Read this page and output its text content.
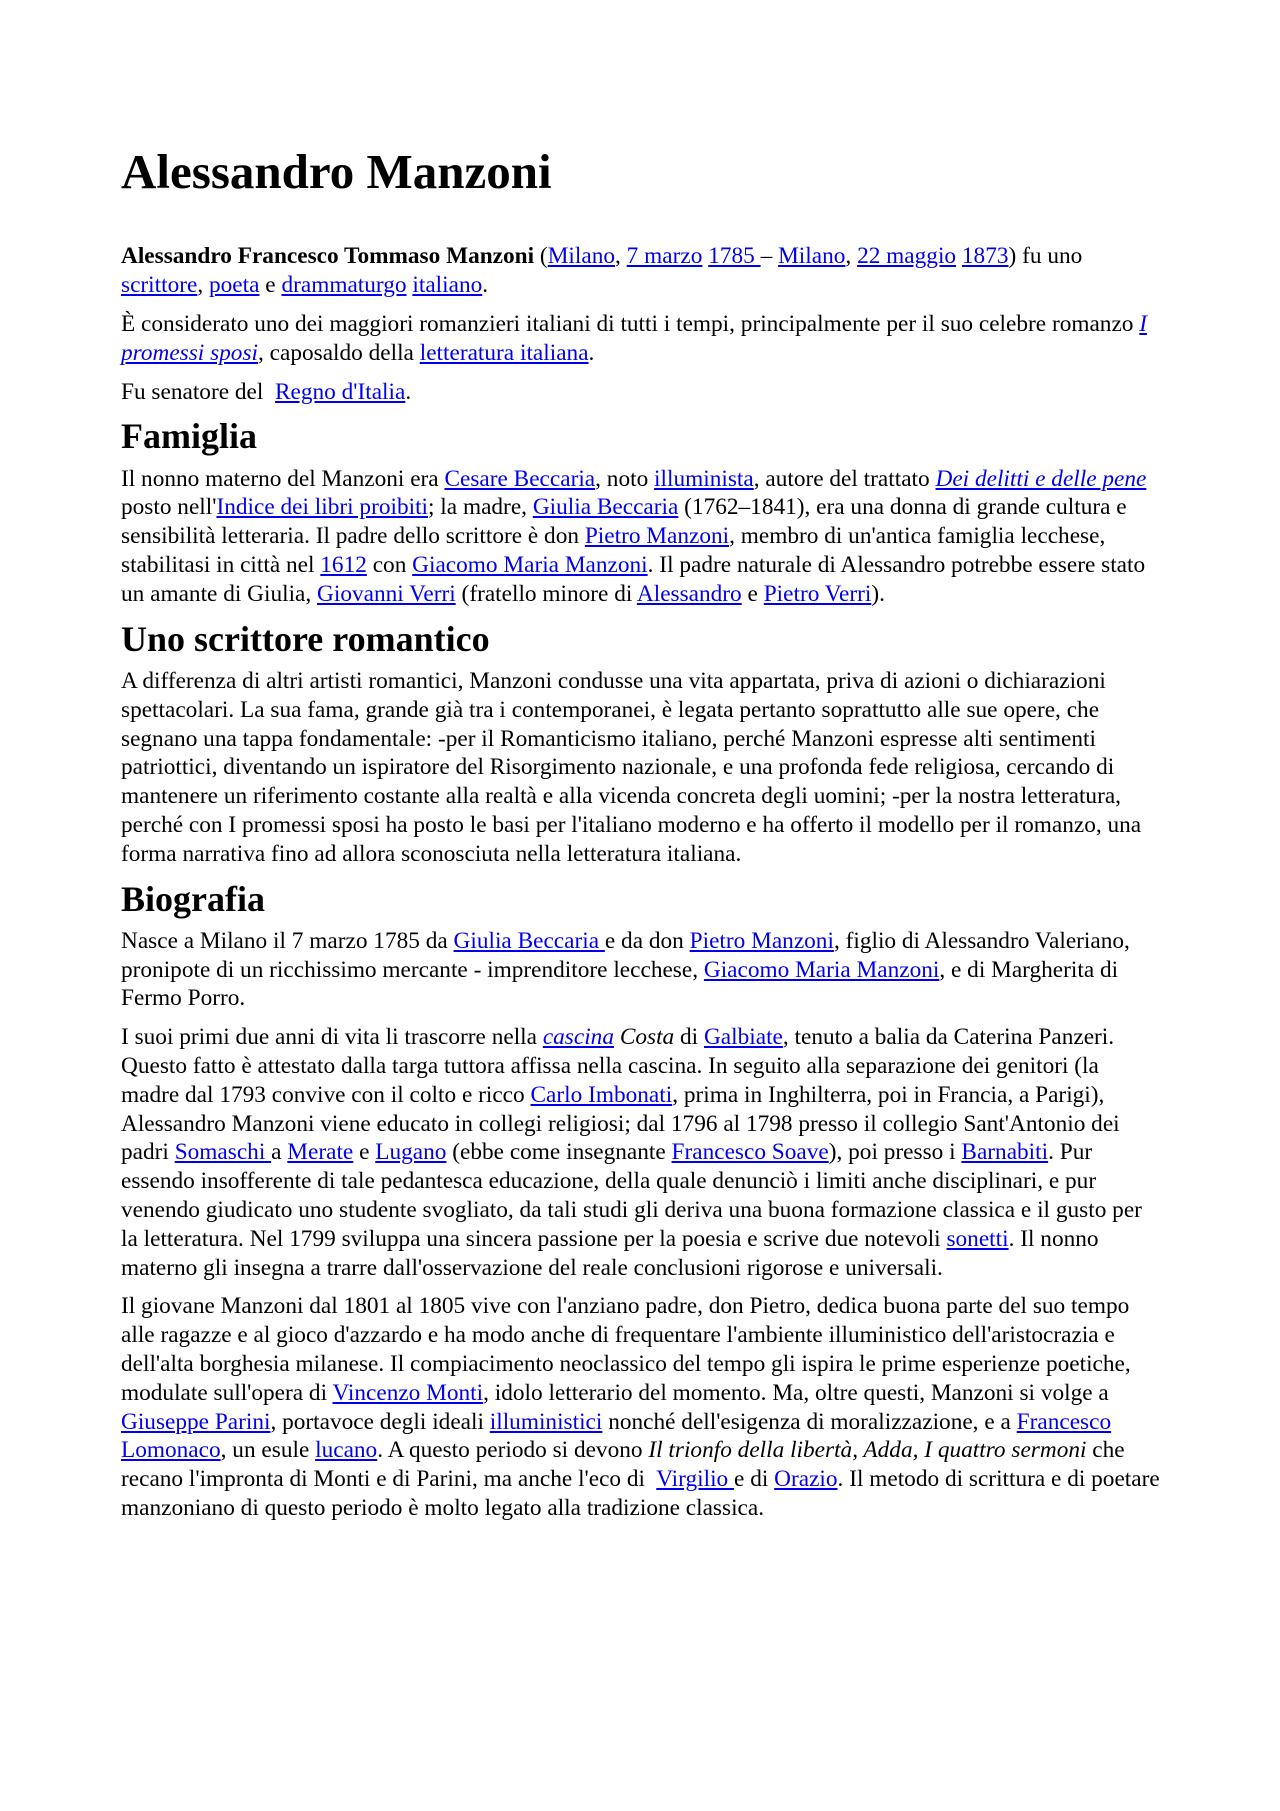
Alessandro Manzoni

Alessandro Francesco Tommaso Manzoni (Milano, 7 marzo 1785 – Milano, 22 maggio 1873) fu uno scrittore, poeta e drammaturgo italiano.

È considerato uno dei maggiori romanzieri italiani di tutti i tempi, principalmente per il suo celebre romanzo I promessi sposi, caposaldo della letteratura italiana.

Fu senatore del  Regno d'Italia.

Famiglia

Il nonno materno del Manzoni era Cesare Beccaria, noto illuminista, autore del trattato Dei delitti e delle pene posto nell'Indice dei libri proibiti; la madre, Giulia Beccaria (1762–1841), era una donna di grande cultura e sensibilità letteraria. Il padre dello scrittore è don Pietro Manzoni, membro di un'antica famiglia lecchese, stabilitasi in città nel 1612 con Giacomo Maria Manzoni. Il padre naturale di Alessandro potrebbe essere stato un amante di Giulia, Giovanni Verri (fratello minore di Alessandro e Pietro Verri).

Uno scrittore romantico

A differenza di altri artisti romantici, Manzoni condusse una vita appartata, priva di azioni o dichiarazioni spettacolari. La sua fama, grande già tra i contemporanei, è legata pertanto soprattutto alle sue opere, che segnano una tappa fondamentale: -per il Romanticismo italiano, perché Manzoni espresse alti sentimenti patriottici, diventando un ispiratore del Risorgimento nazionale, e una profonda fede religiosa, cercando di mantenere un riferimento costante alla realtà e alla vicenda concreta degli uomini; -per la nostra letteratura, perché con I promessi sposi ha posto le basi per l'italiano moderno e ha offerto il modello per il romanzo, una forma narrativa fino ad allora sconosciuta nella letteratura italiana.

Biografia

Nasce a Milano il 7 marzo 1785 da Giulia Beccaria e da don Pietro Manzoni, figlio di Alessandro Valeriano, pronipote di un ricchissimo mercante - imprenditore lecchese, Giacomo Maria Manzoni, e di Margherita di Fermo Porro.

I suoi primi due anni di vita li trascorre nella cascina Costa di Galbiate, tenuto a balia da Caterina Panzeri. Questo fatto è attestato dalla targa tuttora affissa nella cascina. In seguito alla separazione dei genitori (la madre dal 1793 convive con il colto e ricco Carlo Imbonati, prima in Inghilterra, poi in Francia, a Parigi), Alessandro Manzoni viene educato in collegi religiosi; dal 1796 al 1798 presso il collegio Sant'Antonio dei padri Somaschi a Merate e Lugano (ebbe come insegnante Francesco Soave), poi presso i Barnabiti. Pur essendo insofferente di tale pedantesca educazione, della quale denunciò i limiti anche disciplinari, e pur venendo giudicato uno studente svogliato, da tali studi gli deriva una buona formazione classica e il gusto per la letteratura. Nel 1799 sviluppa una sincera passione per la poesia e scrive due notevoli sonetti. Il nonno materno gli insegna a trarre dall'osservazione del reale conclusioni rigorose e universali.

Il giovane Manzoni dal 1801 al 1805 vive con l'anziano padre, don Pietro, dedica buona parte del suo tempo alle ragazze e al gioco d'azzardo e ha modo anche di frequentare l'ambiente illuministico dell'aristocrazia e dell'alta borghesia milanese. Il compiacimento neoclassico del tempo gli ispira le prime esperienze poetiche, modulate sull'opera di Vincenzo Monti, idolo letterario del momento. Ma, oltre questi, Manzoni si volge a Giuseppe Parini, portavoce degli ideali illuministici nonché dell'esigenza di moralizzazione, e a Francesco Lomonaco, un esule lucano. A questo periodo si devono Il trionfo della libertà, Adda, I quattro sermoni che recano l'impronta di Monti e di Parini, ma anche l'eco di  Virgilio e di Orazio. Il metodo di scrittura e di poetare manzoniano di questo periodo è molto legato alla tradizione classica.
